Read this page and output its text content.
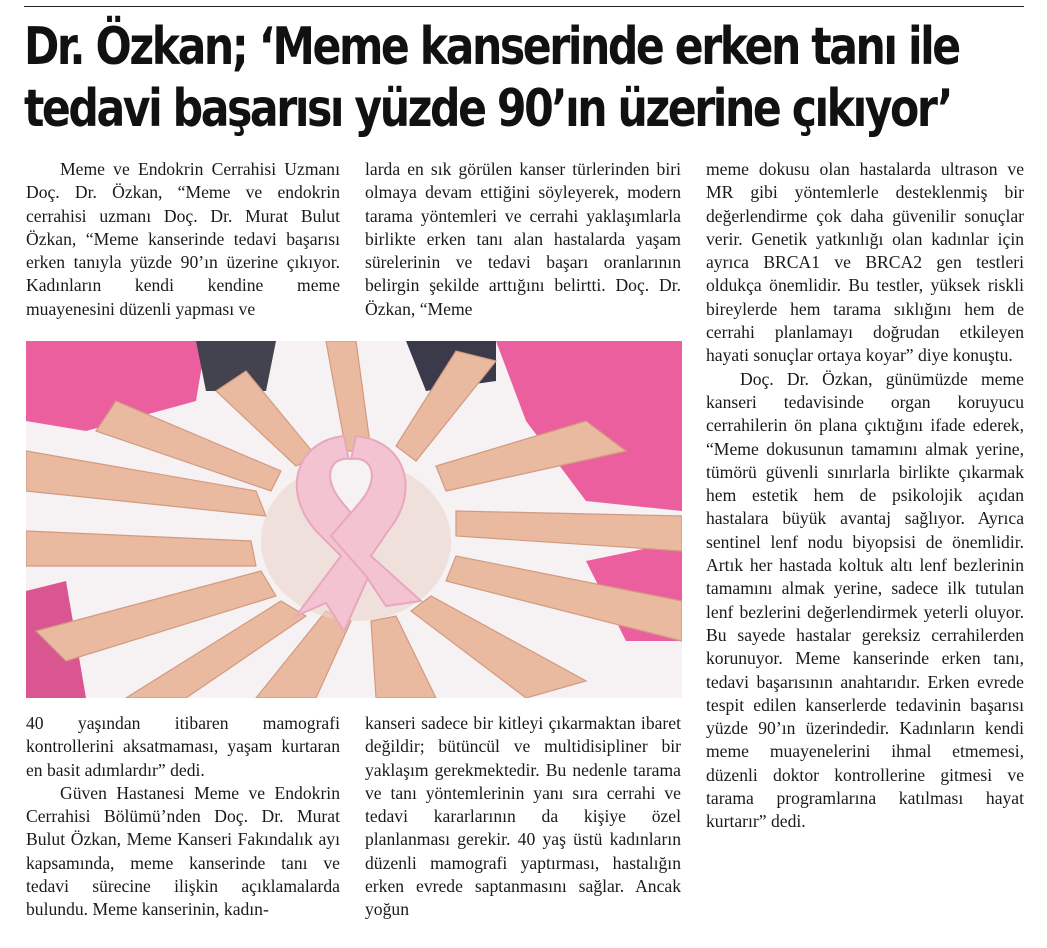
Dr. Özkan; ‘Meme kanserinde erken tanı ile
tedavi başarısı yüzde 90’ın üzerine çıkıyor’

Meme ve Endokrin Cerrahisi Uzmanı Doç. Dr. Özkan, “Meme ve endokrin cerrahisi uzmanı Doç. Dr. Murat Bulut Özkan, “Meme kanserinde tedavi başarısı erken tanıyla yüzde 90’ın üzerine çıkıyor. Kadınların kendi kendine meme muayenesini düzenli yapması ve

larda en sık görülen kanser türlerinden biri olmaya devam ettiğini söyleyerek, modern tarama yöntemleri ve cerrahi yaklaşımlarla birlikte erken tanı alan hastalarda yaşam sürelerinin ve tedavi başarı oranlarının belirgin şekilde arttığını belirtti. Doç. Dr. Özkan, “Meme

40 yaşından itibaren mamografi kontrollerini aksatmaması, yaşam kurtaran en basit adımlardır” dedi.

Güven Hastanesi Meme ve Endokrin Cerrahisi Bölümü’nden Doç. Dr. Murat Bulut Özkan, Meme Kanseri Fakındalık ayı kapsamında, meme kanserinde tanı ve tedavi sürecine ilişkin açıklamalarda bulundu. Meme kanserinin, kadın-

kanseri sadece bir kitleyi çıkarmaktan ibaret değildir; bütüncül ve multidisipliner bir yaklaşım gerekmektedir. Bu nedenle tarama ve tanı yöntemlerinin yanı sıra cerrahi ve tedavi kararlarının da kişiye özel planlanması gerekir. 40 yaş üstü kadınların düzenli mamografi yaptırması, hastalığın erken evrede saptanmasını sağlar. Ancak yoğun

meme dokusu olan hastalarda ultrason ve MR gibi yöntemlerle desteklenmiş bir değerlendirme çok daha güvenilir sonuçlar verir. Genetik yatkınlığı olan kadınlar için ayrıca BRCA1 ve BRCA2 gen testleri oldukça önemlidir. Bu testler, yüksek riskli bireylerde hem tarama sıklığını hem de cerrahi planlamayı doğrudan etkileyen hayati sonuçlar ortaya koyar” diye konuştu.

Doç. Dr. Özkan, günümüzde meme kanseri tedavisinde organ koruyucu cerrahilerin ön plana çıktığını ifade ederek, “Meme dokusunun tamamını almak yerine, tümörü güvenli sınırlarla birlikte çıkarmak hem estetik hem de psikolojik açıdan hastalara büyük avantaj sağlıyor. Ayrıca sentinel lenf nodu biyopsisi de önemlidir. Artık her hastada koltuk altı lenf bezlerinin tamamını almak yerine, sadece ilk tutulan lenf bezlerini değerlendirmek yeterli oluyor. Bu sayede hastalar gereksiz cerrahilerden korunuyor. Meme kanserinde erken tanı, tedavi başarısının anahtarıdır. Erken evrede tespit edilen kanserlerde tedavinin başarısı yüzde 90’ın üzerindedir. Kadınların kendi meme muayenelerini ihmal etmemesi, düzenli doktor kontrollerine gitmesi ve tarama programlarına katılması hayat kurtarır” dedi.
